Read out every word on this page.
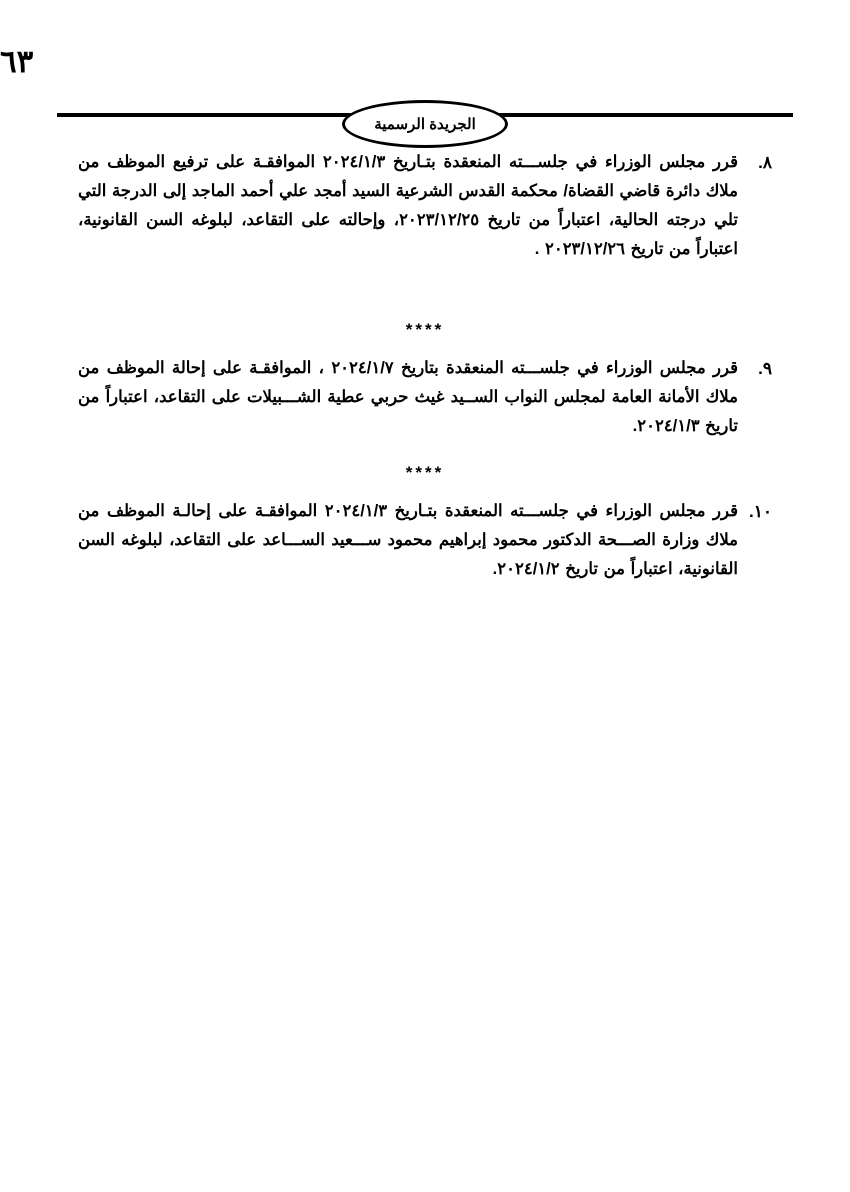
٦٣
الجريدة الرسمية
٨.
قرر مجلس الوزراء في جلســـته المنعقدة بتـاريخ ٢٠٢٤/١/٣ الموافقـة على ترفيع الموظف من ملاك دائرة قاضي القضاة/ محكمة القدس الشرعية السيد أمجد علي أحمد الماجد إلى الدرجة التي تلي درجته الحالية، اعتباراً من تاريخ ٢٠٢٣/١٢/٢٥، وإحالته على التقاعد، لبلوغه السن القانونية، اعتباراً من تاريخ ٢٠٢٣/١٢/٢٦ .
****
٩.
قرر مجلس الوزراء في جلســـته المنعقدة بتاريخ ٢٠٢٤/١/٧ ، الموافقـة على إحالة الموظف من ملاك الأمانة العامة لمجلس النواب الســيد غيث حربي عطية الشـــبيلات على التقاعد، اعتباراً من تاريخ ٢٠٢٤/١/٣.
****
١٠.
قرر مجلس الوزراء في جلســـته المنعقدة بتـاريخ ٢٠٢٤/١/٣ الموافقـة على إحالـة الموظف من ملاك وزارة الصـــحة الدكتور محمود إبراهيم محمود ســـعيد الســـاعد على التقاعد، لبلوغه السن القانونية، اعتباراً من تاريخ ٢٠٢٤/١/٢.
